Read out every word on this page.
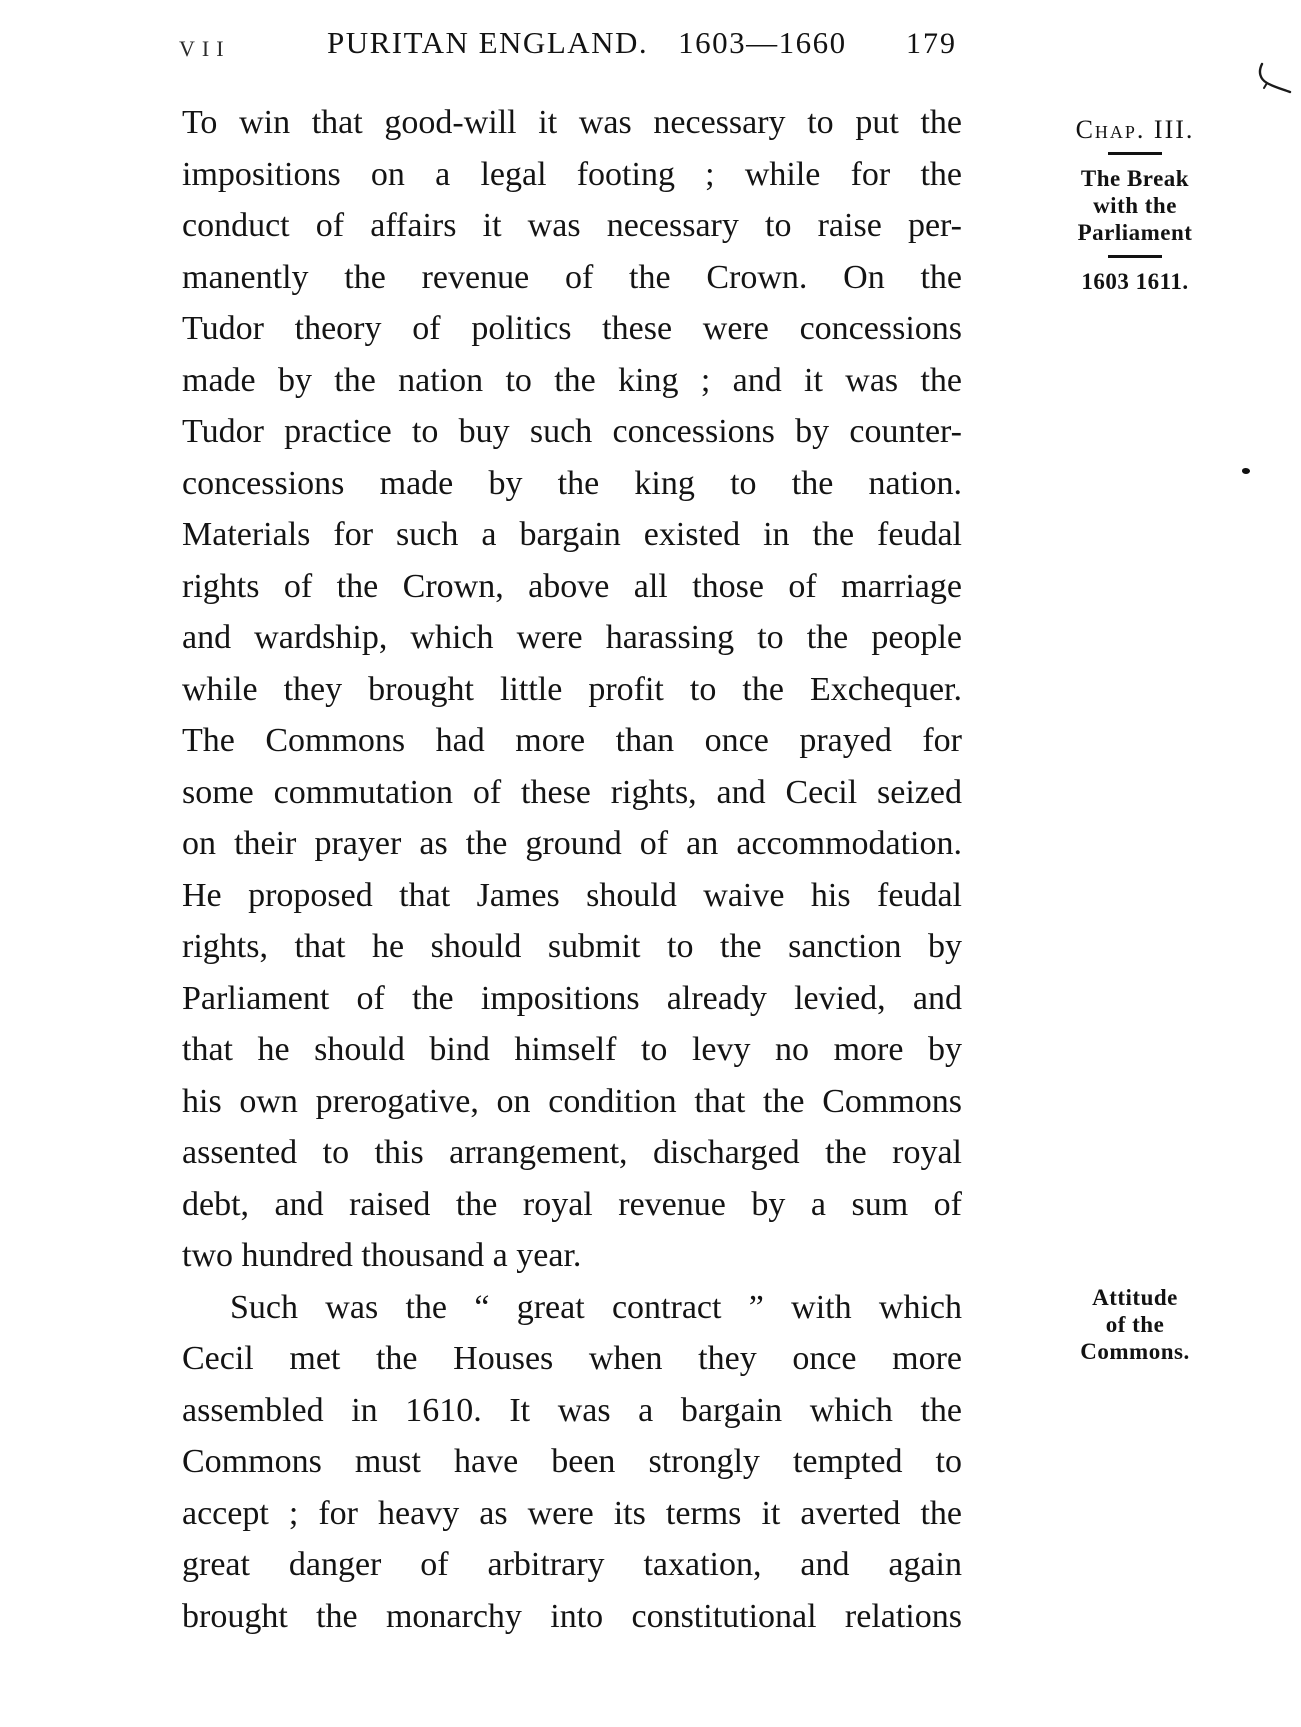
VII	PURITAN ENGLAND. 1603—1660 179
To win that good-will it was necessary to put the
impositions on a legal footing ; while for the
conduct of affairs it was necessary to raise per-
manently the revenue of the Crown. On the
Tudor theory of politics these were concessions
made by the nation to the king ; and it was the
Tudor practice to buy such concessions by counter-
concessions made by the king to the nation.
Materials for such a bargain existed in the feudal
rights of the Crown, above all those of marriage
and wardship, which were harassing to the people
while they brought little profit to the Exchequer.
The Commons had more than once prayed for
some commutation of these rights, and Cecil seized
on their prayer as the ground of an accommodation.
He proposed that James should waive his feudal
rights, that he should submit to the sanction by
Parliament of the impositions already levied, and
that he should bind himself to levy no more by
his own prerogative, on condition that the Commons
assented to this arrangement, discharged the royal
debt, and raised the royal revenue by a sum of
two hundred thousand a year.
Such was the “ great contract ” with which
Cecil met the Houses when they once more
assembled in 1610. It was a bargain which the
Commons must have been strongly tempted to
accept ; for heavy as were its terms it averted the
great danger of arbitrary taxation, and again
brought the monarchy into constitutional relations
Chap. III.
The Break
with the
Parliament
1603 1611.
Attitude
of the
Commons.
